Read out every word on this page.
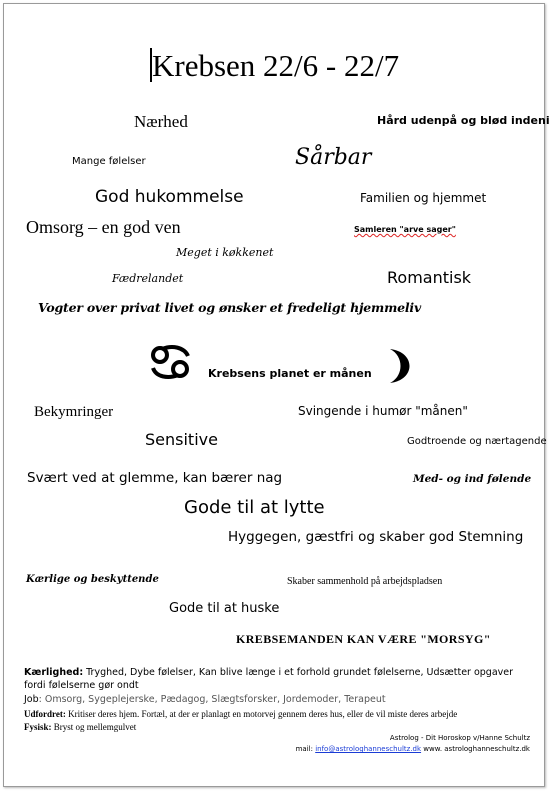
Krebsen 22/6 - 22/7
Nærhed	Hård udenpå og blød indeni
Mange følelser	Sårbar
God hukommelse	Familien og hjemmet
Omsorg – en god ven	Samleren "arve sager"
Meget i køkkenet
Fædrelandet	Romantisk
Vogter over privat livet og ønsker et fredeligt hjemmeliv
Krebsens planet er månen
Bekymringer	Svingende i humør "månen"
Sensitive	Godtroende og nærtagende
Svært ved at glemme, kan bærer nag	Med- og ind følende
Gode til at lytte
Hyggegen, gæstfri og skaber god Stemning
Kærlige og beskyttende	Skaber sammenhold på arbejdspladsen
Gode til at huske
KREBSEMANDEN KAN VÆRE "MORSYG"
Kærlighed: Tryghed, Dybe følelser, Kan blive længe i et forhold grundet følelserne, Udsætter opgaver fordi følelserne gør ondt
Job: Omsorg, Sygeplejerske, Pædagog, Slægtsforsker, Jordemoder, Terapeut
Udfordret: Kritiser deres hjem. Fortæl, at der er planlagt en motorvej gennem deres hus, eller de vil miste deres arbejde
Fysisk: Bryst og mellemgulvet
Astrolog - Dit Horoskop v/Hanne Schultz
mail: info@astrologhanneschultz.dk www. astrologhanneschultz.dk
